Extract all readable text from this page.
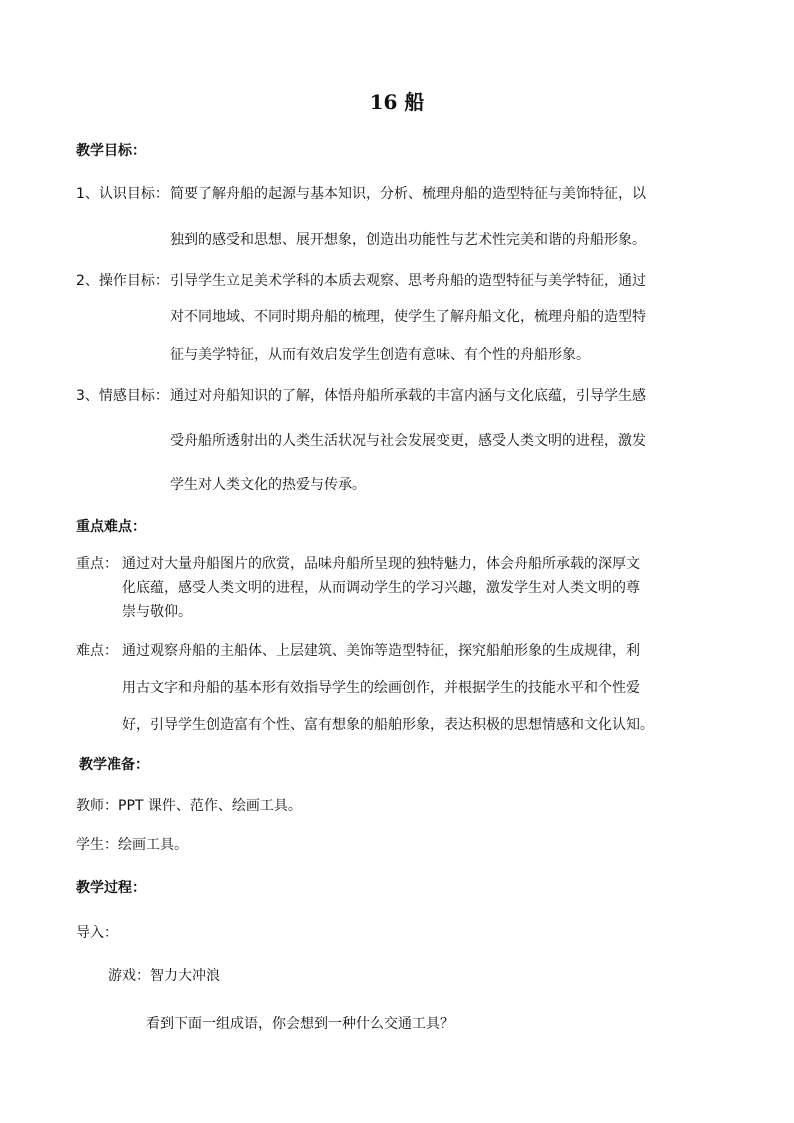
16 船
教学目标：
1、认识目标： 简要了解舟船的起源与基本知识，分析、梳理舟船的造型特征与美饰特征，以
独到的感受和思想、展开想象，创造出功能性与艺术性完美和谐的舟船形象。
2、操作目标： 引导学生立足美术学科的本质去观察、思考舟船的造型特征与美学特征，通过
对不同地域、不同时期舟船的梳理，使学生了解舟船文化，梳理舟船的造型特
征与美学特征，从而有效启发学生创造有意味、有个性的舟船形象。
3、情感目标： 通过对舟船知识的了解，体悟舟船所承载的丰富内涵与文化底蕴，引导学生感
受舟船所透射出的人类生活状况与社会发展变更，感受人类文明的进程，激发
学生对人类文化的热爱与传承。
重点难点：
重点： 通过对大量舟船图片的欣赏，品味舟船所呈现的独特魅力，体会舟船所承载的深厚文
化底蕴，感受人类文明的进程，从而调动学生的学习兴趣，激发学生对人类文明的尊
崇与敬仰。
难点： 通过观察舟船的主船体、上层建筑、美饰等造型特征，探究船舶形象的生成规律，利
用古文字和舟船的基本形有效指导学生的绘画创作，并根据学生的技能水平和个性爱
好，引导学生创造富有个性、富有想象的船舶形象，表达积极的思想情感和文化认知。
教学准备：
教师：PPT 课件、范作、绘画工具。
学生：绘画工具。
教学过程：
导入：
游戏：智力大冲浪
看到下面一组成语，你会想到一种什么交通工具？
